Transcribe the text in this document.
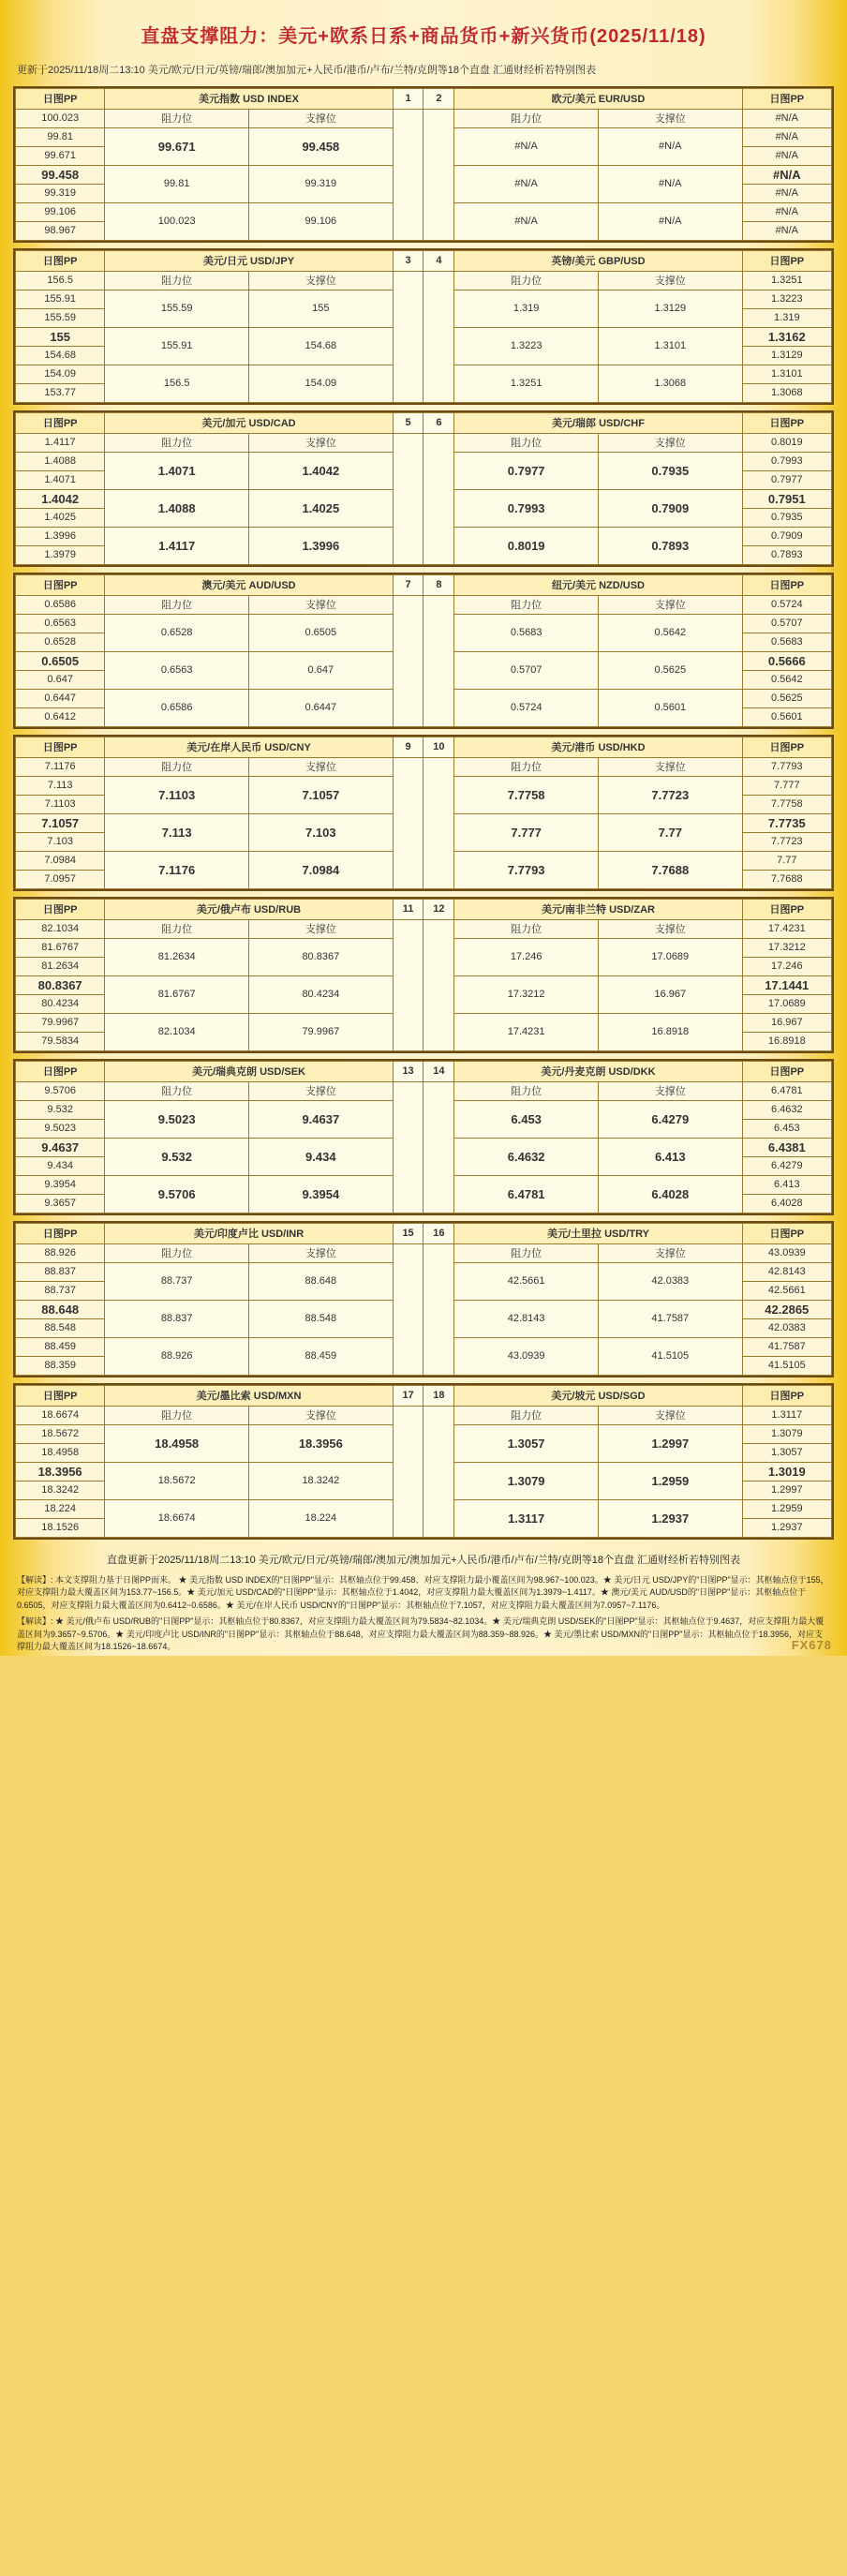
直盘支撑阻力：美元+欧系日系+商品货币+新兴货币(2025/11/18)
更新于2025/11/18周二13:10 美元/欧元/日元/英镑/瑞郎/澳加加元+人民币/港币/卢布/兰特/克朗等18个直盘 汇通财经析若特别图表
日图PP	美元指数 USD INDEX		1	2	欧元/美元 EUR/USD		日图PP
100.023	阻力位	支撑位			阻力位	支撑位	#N/A
99.81	99.671	99.458			#N/A	#N/A	#N/A
99.671							#N/A
99.458	99.81	99.319			#N/A	#N/A	#N/A
99.319							#N/A
99.106	100.023	99.106			#N/A	#N/A	#N/A
98.967							#N/A
日图PP	美元/日元 USD/JPY		3	4	英镑/美元 GBP/USD		日图PP
156.5	阻力位	支撑位			阻力位	支撑位	1.3251
155.91	155.59	155			1.319	1.3129	1.3223
155.59							1.319
155	155.91	154.68			1.3223	1.3101	1.3162
154.68							1.3129
154.09	156.5	154.09			1.3251	1.3068	1.3101
153.77							1.3068
日图PP	美元/加元 USD/CAD		5	6	美元/瑞郎 USD/CHF		日图PP
1.4117	阻力位	支撑位			阻力位	支撑位	0.8019
1.4088	1.4071	1.4042			0.7977	0.7935	0.7993
1.4071							0.7977
1.4042	1.4088	1.4025			0.7993	0.7909	0.7951
1.4025							0.7935
1.3996	1.4117	1.3996			0.8019	0.7893	0.7909
1.3979							0.7893
日图PP	澳元/美元 AUD/USD		7	8	纽元/美元 NZD/USD		日图PP
0.6586	阻力位	支撑位			阻力位	支撑位	0.5724
0.6563	0.6528	0.6505			0.5683	0.5642	0.5707
0.6528							0.5683
0.6505	0.6563	0.647			0.5707	0.5625	0.5666
0.647							0.5642
0.6447	0.6586	0.6447			0.5724	0.5601	0.5625
0.6412							0.5601
日图PP	美元/在岸人民币 USD/CNY		9	10	美元/港币 USD/HKD		日图PP
7.1176	阻力位	支撑位			阻力位	支撑位	7.7793
7.113	7.1103	7.1057			7.7758	7.7723	7.777
7.1103							7.7758
7.1057	7.113	7.103			7.777	7.77	7.7735
7.103							7.7723
7.0984	7.1176	7.0984			7.7793	7.7688	7.77
7.0957							7.7688
日图PP	美元/俄卢布 USD/RUB		11	12	美元/南非兰特 USD/ZAR		日图PP
82.1034	阻力位	支撑位			阻力位	支撑位	17.4231
81.6767	81.2634	80.8367			17.246	17.0689	17.3212
81.2634							17.246
80.8367	81.6767	80.4234			17.3212	16.967	17.1441
80.4234							17.0689
79.9967	82.1034	79.9967			17.4231	16.8918	16.967
79.5834							16.8918
日图PP	美元/瑞典克朗 USD/SEK		13	14	美元/丹麦克朗 USD/DKK		日图PP
9.5706	阻力位	支撑位			阻力位	支撑位	6.4781
9.532	9.5023	9.4637			6.453	6.4279	6.4632
9.5023							6.453
9.4637	9.532	9.434			6.4632	6.413	6.4381
9.434							6.4279
9.3954	9.5706	9.3954			6.4781	6.4028	6.413
9.3657							6.4028
日图PP	美元/印度卢比 USD/INR		15	16	美元/土里拉 USD/TRY		日图PP
88.926	阻力位	支撑位			阻力位	支撑位	43.0939
88.837	88.737	88.648			42.5661	42.0383	42.8143
88.737							42.5661
88.648	88.837	88.548			42.8143	41.7587	42.2865
88.548							42.0383
88.459	88.926	88.459			43.0939	41.5105	41.7587
88.359							41.5105
日图PP	美元/墨比索 USD/MXN		17	18	美元/坡元 USD/SGD		日图PP
18.6674	阻力位	支撑位			阻力位	支撑位	1.3117
18.5672	18.4958	18.3956			1.3057	1.2997	1.3079
18.4958							1.3057
18.3956	18.5672	18.3242			1.3079	1.2959	1.3019
18.3242							1.2997
18.224	18.6674	18.224			1.3117	1.2937	1.2959
18.1526							1.2937
直盘更新于2025/11/18周二13:10 美元/欧元/日元/英镑/瑞郎/澳加元/澳加加元+人民币/港币/卢布/兰特/克朗等18个直盘 汇通财经析若特别图表
【解读】: 本文支撑阻力基于日图PP而来。 ★ 美元指数 USD INDEX的"日图PP"显示：其枢轴点位于99.458、对应支撑阻力最小覆盖区间为98.967~100.023。★ 美元/日元 USD/JPY的"日图PP"显示：其枢轴点位于155，对应支撑阻力最大覆盖区间为153.77~156.5。★ 美元/加元 USD/CAD的"日图PP"显示：其枢轴点位于1.4042，对应支撑阻力最大覆盖区间为1.3979~1.4117。★ 澳元/美元 AUD/USD的"日图PP"显示：其枢轴点位于0.6505，对应支撑阻力最大覆盖区间为0.6412~0.6586。★ 美元/在岸人民币 USD/CNY的"日图PP"显示：其枢轴点位于7.1057，对应支撑阻力最大覆盖区间为7.0957~7.1176。
【解读】: ★ 美元/俄卢布 USD/RUB的"日图PP"显示：其枢轴点位于80.8367，对应支撑阻力最大覆盖区间为79.5834~82.1034。★ 美元/瑞典克朗 USD/SEK的"日图PP"显示：其枢轴点位于9.4637，对应支撑阻力最大覆盖区间为9.3657~9.5706。★ 美元/印度卢比 USD/INR的"日图PP"显示：其枢轴点位于88.648，对应支撑阻力最大覆盖区间为88.359~88.926。★ 美元/墨比索 USD/MXN的"日图PP"显示：其枢轴点位于18.3956，对应支撑阻力最大覆盖区间为18.1526~18.6674。	FX678
